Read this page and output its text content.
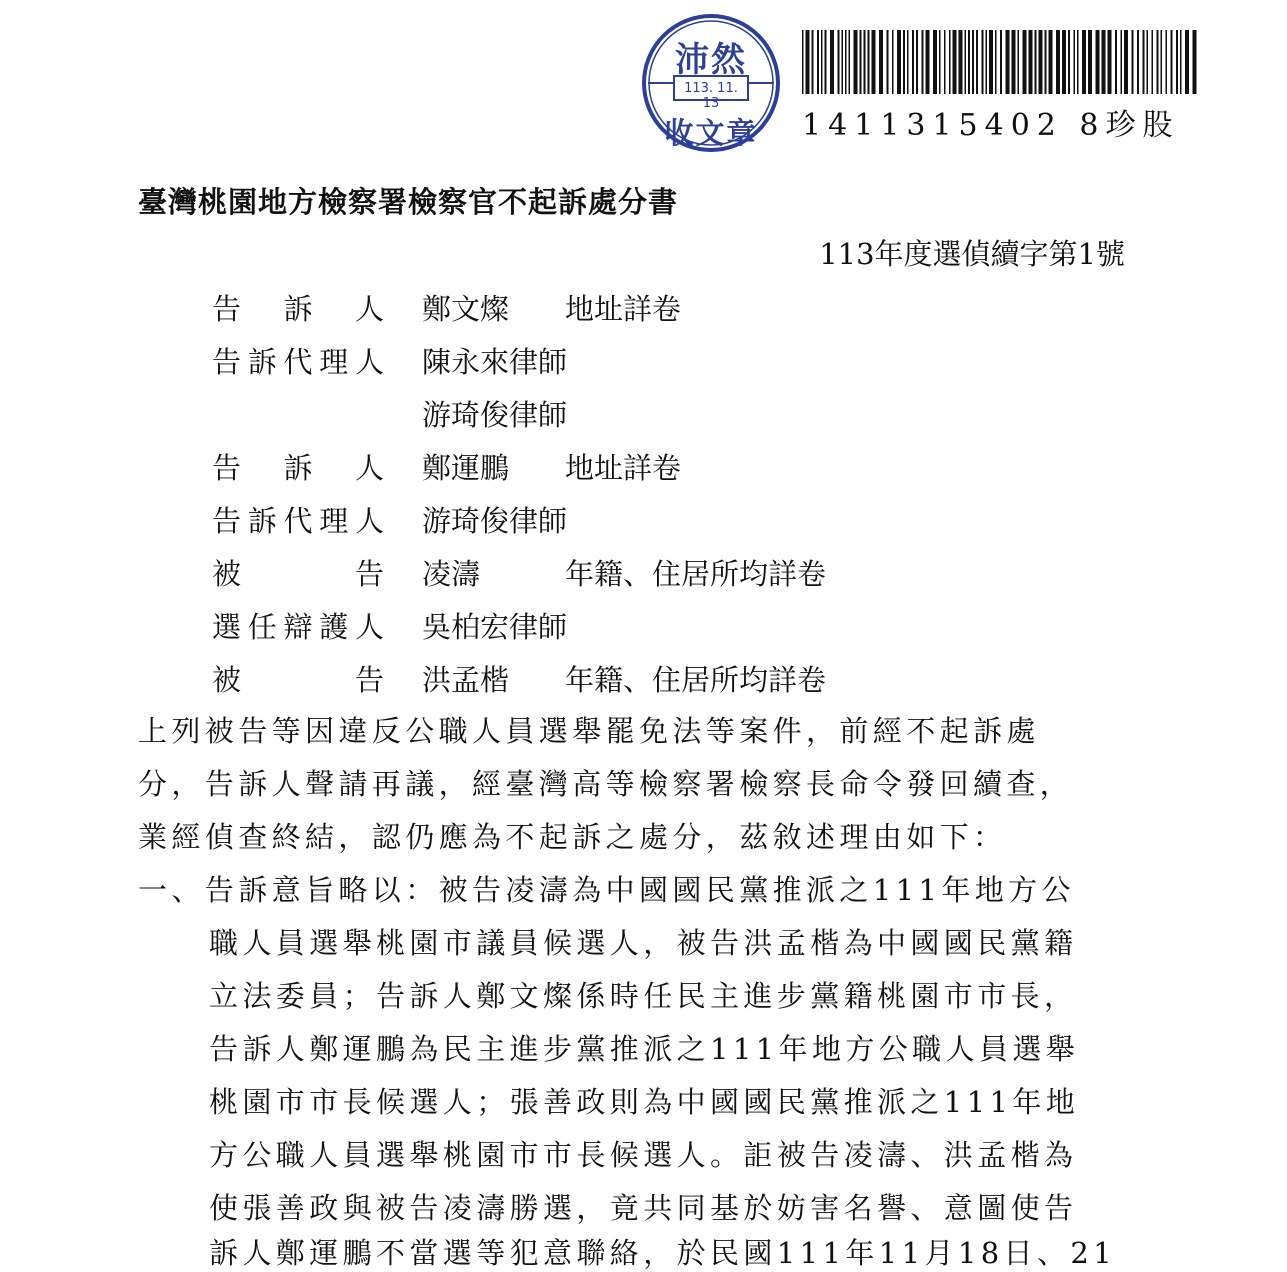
沛然
113. 11. 13
收文章	1411315402 8珍股
臺灣桃園地方檢察署檢察官不起訴處分書
113年度選偵續字第1號
告 訴 人 鄭文燦 地址詳卷
告 訴 代 理 人 陳永來律師
游琦俊律師
告 訴 人 鄭運鵬 地址詳卷
告 訴 代 理 人 游琦俊律師
被	告 凌濤	年籍、住居所均詳卷
選 任 辯 護 人 吳柏宏律師
被	告 洪孟楷 年籍、住居所均詳卷
上列被告等因違反公職人員選舉罷免法等案件，前經不起訴處
分，告訴人聲請再議，經臺灣高等檢察署檢察長命令發回續查，
業經偵查終結，認仍應為不起訴之處分，茲敘述理由如下：
一、告訴意旨略以：被告凌濤為中國國民黨推派之111年地方公
職人員選舉桃園市議員候選人，被告洪孟楷為中國國民黨籍
立法委員；告訴人鄭文燦係時任民主進步黨籍桃園市市長，
告訴人鄭運鵬為民主進步黨推派之111年地方公職人員選舉
桃園市市長候選人；張善政則為中國國民黨推派之111年地
方公職人員選舉桃園市市長候選人。詎被告凌濤、洪孟楷為
使張善政與被告凌濤勝選，竟共同基於妨害名譽、意圖使告
訴人鄭運鵬不當選等犯意聯絡，於民國111年11月18日、21
